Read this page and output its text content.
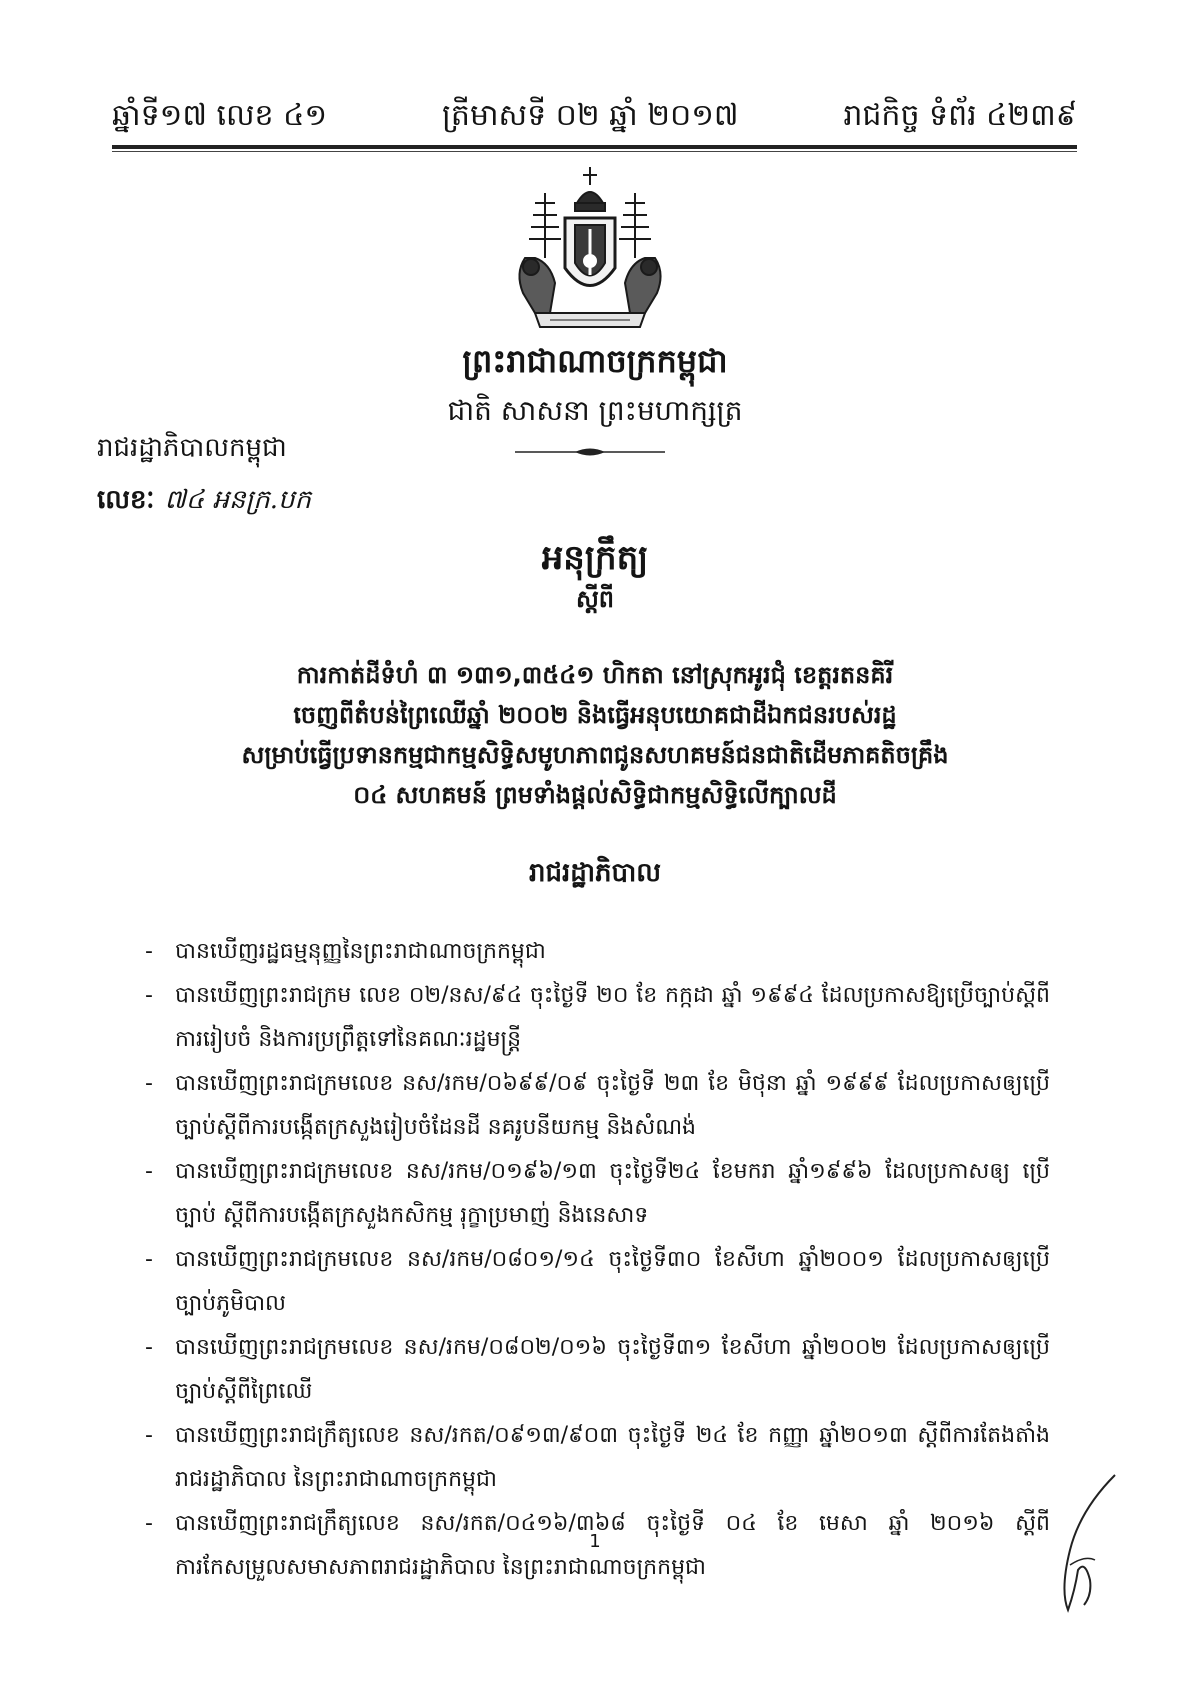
ឆ្នាំទី១៧ លេខ ៤១	ត្រីមាសទី ០២ ឆ្នាំ ២០១៧	រាជកិច្ច ទំព័រ ៤២៣៩
ព្រះរាជាណាចក្រកម្ពុជា
ជាតិ សាសនា ព្រះមហាក្សត្រ
រាជរដ្ឋាភិបាលកម្ពុជា
លេខៈ ៧៤ អនក្រ.បក
អនុក្រឹត្យ
ស្តីពី
ការកាត់ដីទំហំ ៣ ១៣១,៣៥៤១ ហិកតា នៅស្រុកអូរជុំ ខេត្តរតនគិរី
ចេញពីតំបន់ព្រៃឈើឆ្នាំ ២០០២ និងធ្វើអនុបយោគជាដីឯកជនរបស់រដ្ឋ
សម្រាប់ធ្វើប្រទានកម្មជាកម្មសិទ្ធិសមូហភាពជូនសហគមន៍ជនជាតិដើមភាគតិចគ្រឹង
០៤ សហគមន៍ ព្រមទាំងផ្តល់សិទ្ធិជាកម្មសិទ្ធិលើក្បាលដី
រាជរដ្ឋាភិបាល
- បានឃើញរដ្ឋធម្មនុញ្ញនៃព្រះរាជាណាចក្រកម្ពុជា
- បានឃើញព្រះរាជក្រម លេខ ០២/នស/៩៤ ចុះថ្ងៃទី ២០ ខែ កក្កដា ឆ្នាំ ១៩៩៤ ដែលប្រកាសឱ្យប្រើច្បាប់ស្តីពីការរៀបចំ និងការប្រព្រឹត្តទៅនៃគណៈរដ្ឋមន្ត្រី
- បានឃើញព្រះរាជក្រមលេខ នស/រកម/០៦៩៩/០៩ ចុះថ្ងៃទី ២៣ ខែ មិថុនា ឆ្នាំ ១៩៩៩ ដែលប្រកាសឲ្យប្រើច្បាប់ស្តីពីការបង្កើតក្រសួងរៀបចំដែនដី នគរូបនីយកម្ម និងសំណង់
- បានឃើញព្រះរាជក្រមលេខ នស/រកម/០១៩៦/១៣ ចុះថ្ងៃទី២៤ ខែមករា ឆ្នាំ១៩៩៦ ដែលប្រកាសឲ្យ ប្រើច្បាប់ ស្តីពីការបង្កើតក្រសួងកសិកម្ម រុក្ខាប្រមាញ់ និងនេសាទ
- បានឃើញព្រះរាជក្រមលេខ នស/រកម/០៨០១/១៤ ចុះថ្ងៃទី៣០ ខែសីហា ឆ្នាំ២០០១ ដែលប្រកាសឲ្យប្រើច្បាប់ភូមិបាល
- បានឃើញព្រះរាជក្រមលេខ នស/រកម/០៨០២/០១៦ ចុះថ្ងៃទី៣១ ខែសីហា ឆ្នាំ២០០២ ដែលប្រកាសឲ្យប្រើច្បាប់ស្តីពីព្រៃឈើ
- បានឃើញព្រះរាជក្រឹត្យលេខ នស/រកត/០៩១៣/៩០៣ ចុះថ្ងៃទី ២៤ ខែ កញ្ញា ឆ្នាំ២០១៣ ស្តីពីការតែងតាំងរាជរដ្ឋាភិបាល នៃព្រះរាជាណាចក្រកម្ពុជា
- បានឃើញព្រះរាជក្រឹត្យលេខ នស/រកត/០៤១៦/៣៦៨ ចុះថ្ងៃទី ០៤ ខែ មេសា ឆ្នាំ ២០១៦ ស្តីពីការកែសម្រួលសមាសភាពរាជរដ្ឋាភិបាល នៃព្រះរាជាណាចក្រកម្ពុជា
1
